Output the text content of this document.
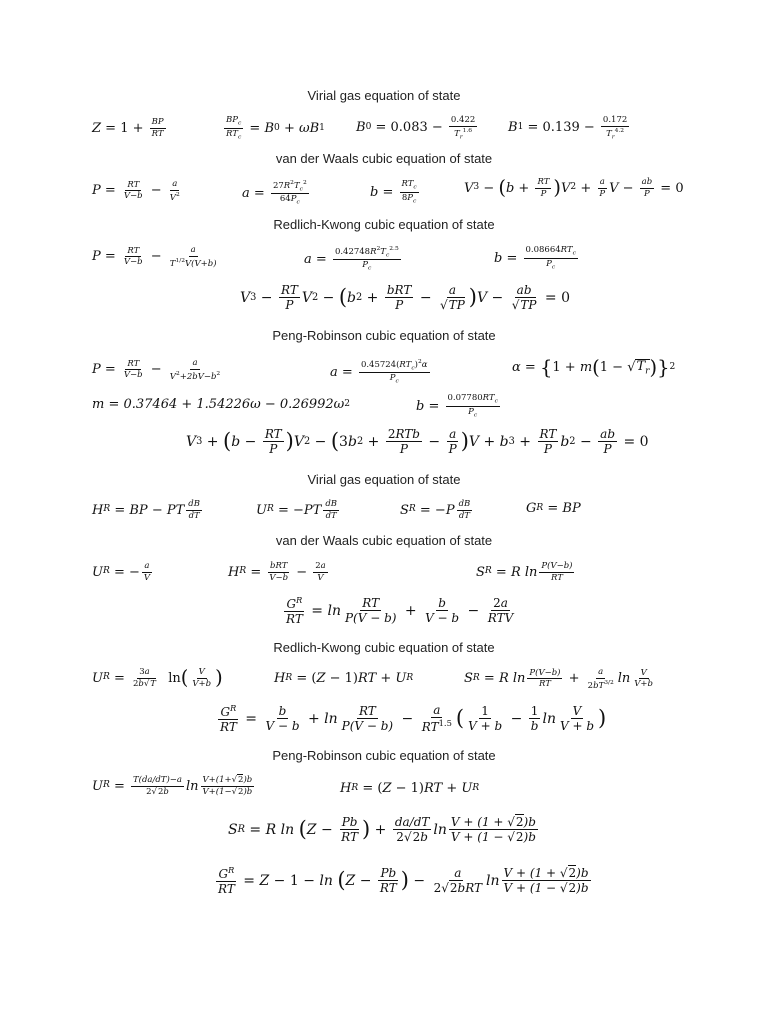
Virial gas equation of state
$Z = 1 + \frac{BP}{RT}$	$\frac{BP_c}{RT_c} = B$ 0 + ωB 1 B $0 = 0.083 - \frac{0.422}{T_r^{1.6}}$ B $1 = 0.139 - \frac{0.172}{T_r^{4.2}}$
van der Waals cubic equation of state
$P = \frac{RT}{V-b} - \frac{a}{V^2}$	$a = \frac{27R^2T_c^2}{64P_c}$	$b = \frac{RT_c}{8P_c}$	V 3 − ( $b + \frac{RT}{P}$ ) V $2 + \frac{a}{P}$ $V - \frac{ab}{P} = 0$
Redlich-Kwong cubic equation of state
$P = \frac{RT}{V-b} - \frac{a}{T^{1/2}V(V+b)}$	$a = \frac{0.42748R^2T_c^{2.5}}{P_c}$	$b = \frac{0.08664RT_c}{P_c}$
V $3 - \frac{RT}{P}$ V 2 − ( b $2 + \frac{\text{bRT}}{P} - \frac{a}{√TP}$ ) $V - \frac{ab}{√TP} = 0$
Peng-Robinson cubic equation of state
$P = \frac{RT}{V-b} - \frac{a}{V^2+2bV-b^2}$	$a = \frac{0.45724(RT_c)^2\alpha}{P_c}$	α = { 1 + m ( 1 − √ $T_r$ ) } 2
m = 0.37464 + 1.54226ω − 0.26992ω 2	$b = \frac{0.07780RT_c}{P_c}$
V 3 + ( $b - \frac{RT}{P}$ ) V 2 − ( 3 b $2 + \frac{\text{2RTb}}{P} - \frac{a}{P}$ ) V + b $3 + \frac{RT}{P}$ b $2 - \frac{ab}{P} = 0$
Virial gas equation of state
H R = BP − PT $\frac{dB}{dT}$	U R = − PT $\frac{dB}{dT}$	S R = − P $\frac{dB}{dT}$	G R = BP
van der Waals cubic equation of state
U R = − $\frac{a}{V}$	H $R = \frac{\text{bRT}}{V-b} - \frac{2a}{V}$	S R = R
$\ln \frac{P(V-b)}{RT}$
$\frac{G^R}{RT} = \ln \frac{RT}{P(V - b)} + \frac{b}{V - b} - \frac{2a}{\text{RTV}}$
Redlich-Kwong cubic equation of state
U $R = \frac{3a}{2b√T}$ ln ( $\frac{V}{V+b}$ )	H R = ( Z − 1) RT + U R	S R = R
$\ln \frac{P(V-b)}{RT} + \frac{a}{2bT^{3/2}}$ $\ln \frac{V}{V+b}$
$\frac{G^R}{RT} = \frac{b}{V - b} + \ln \frac{RT}{P(V - b)} - \frac{a}{RT^{1.5}}$ ( $\frac{1}{V + b} - \frac{1}{b}$ $\ln \frac{V}{V + b}$ )
Peng-Robinson cubic equation of state
U $R = \frac{T(da/dT)-a}{2√2b}$ $\ln \frac{V+(1+√2)b}{V+(1-√2)b}$	H R = ( Z − 1) RT + U R
S R = R
ln
( $Z - \frac{Pb}{RT}$ ) + $\frac{da/dT}{2√2b}$ $\ln \frac{V + (1 + √2)b}{V + (1 - √2)b}$
$\frac{G^R}{RT} = Z - 1 - \ln$
( $Z - \frac{Pb}{RT}$ ) − $\frac{a}{\text{2√2bRT}}$ $\ln \frac{V + (1 + √2)b}{V + (1 - √2)b}$
